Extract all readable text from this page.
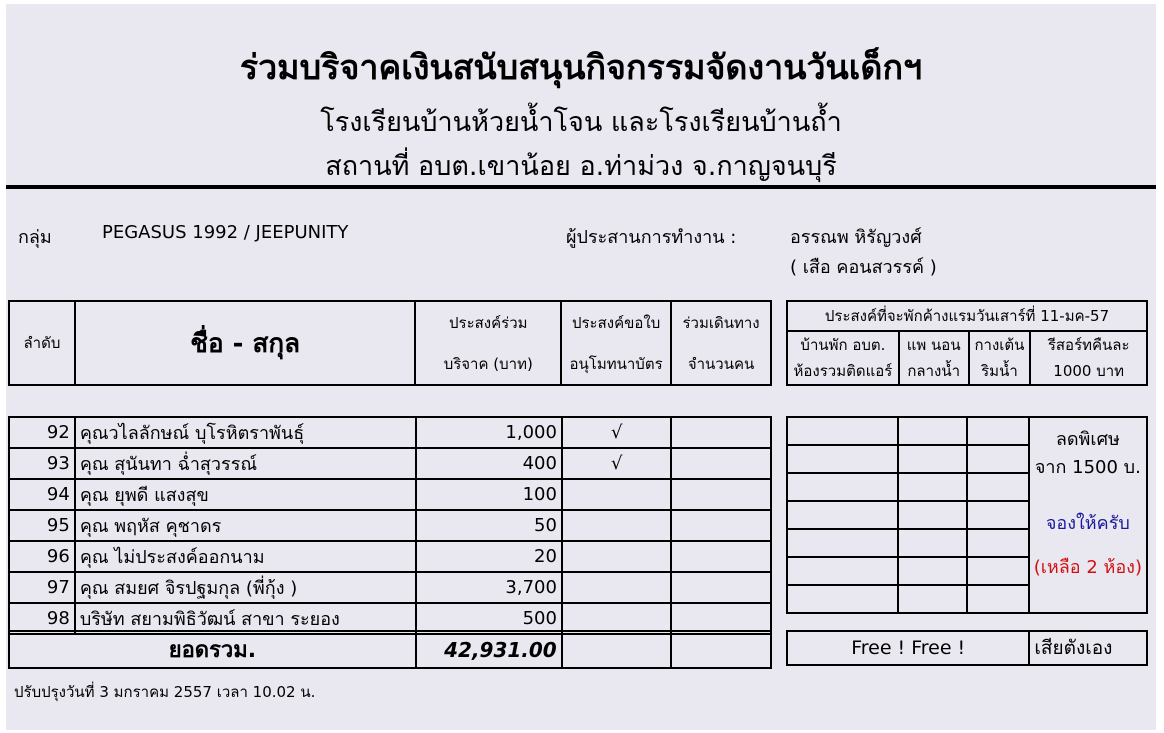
ร่วมบริจาคเงินสนับสนุนกิจกรรมจัดงานวันเด็กฯ
โรงเรียนบ้านห้วยน้ำโจน และโรงเรียนบ้านถ้ำ
สถานที่ อบต.เขาน้อย อ.ท่าม่วง จ.กาญจนบุรี
กลุ่ม	PEGASUS 1992 / JEEPUNITY	ผู้ประสานการทำงาน :	อรรณพ หิรัญวงศ์
( เสือ คอนสวรรค์ )
ลำดับ	ชื่อ - สกุล	ประสงค์ร่วม	ประสงค์ขอใบ	ร่วมเดินทาง
		บริจาค (บาท)	อนุโมทนาบัตร	จำนวนคน
ประสงค์ที่จะพักค้างแรมวันเสาร์ที่ 11-มค-57			
บ้านพัก อบต.	แพ นอน	กางเต้น	รีสอร์ทคืนละ
ห้องรวมติดแอร์	กลางน้ำ	ริมน้ำ	1000 บาท
92	คุณวไลลักษณ์ บุโรหิตราพันธุ์	1,000	√	
93	คุณ สุนันทา ฉ่ำสุวรรณ์	400	√	
94	คุณ ยุพดี แสงสุข	100		
95	คุณ พฤหัส คุชาดร	50		
96	คุณ ไม่ประสงค์ออกนาม	20		
97	คุณ สมยศ จิรปฐมกุล (พี่กุ้ง )	3,700		
98	บริษัท สยามพิธิวัฒน์ สาขา ระยอง	500		

			ลดพิเศษ
จาก 1500 บ.
จองให้ครับ
(เหลือ 2 ห้อง)

ยอดรวม.	42,931.00			Free ! Free !	เสียตังเอง
ปรับปรุงวันที่ 3 มกราคม 2557 เวลา 10.02 น.
